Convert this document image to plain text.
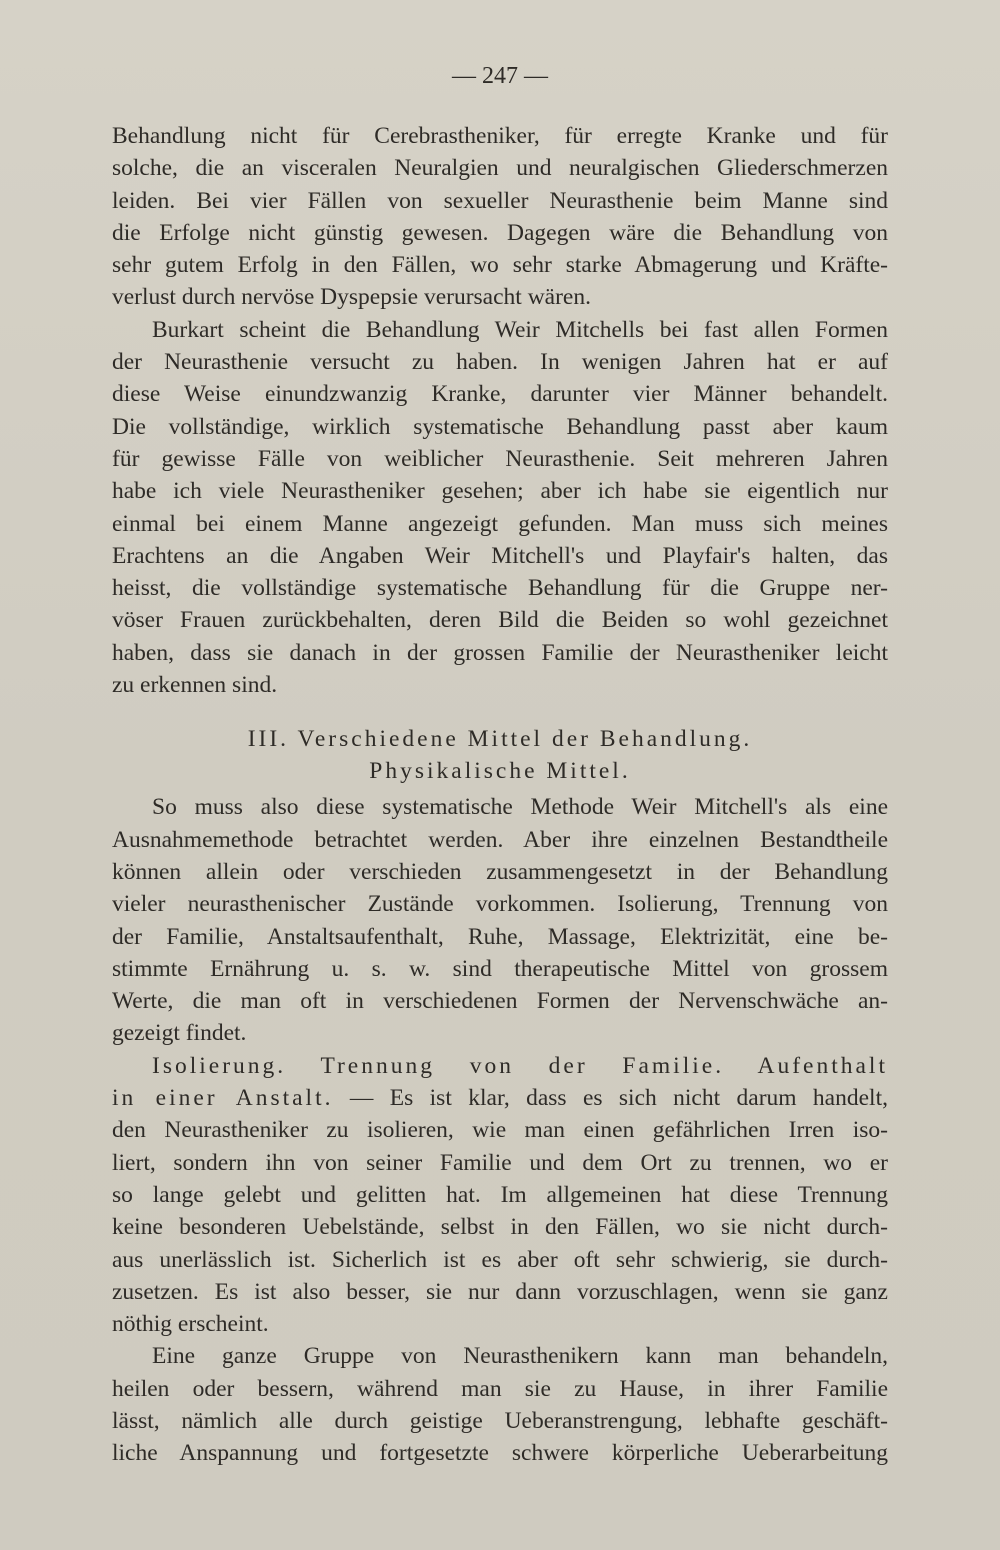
— 247 —

Behandlung nicht für Cerebrastheniker, für erregte Kranke und für
solche, die an visceralen Neuralgien und neuralgischen Gliederschmerzen
leiden. Bei vier Fällen von sexueller Neurasthenie beim Manne sind
die Erfolge nicht günstig gewesen. Dagegen wäre die Behandlung von
sehr gutem Erfolg in den Fällen, wo sehr starke Abmagerung und Kräfte-
verlust durch nervöse Dyspepsie verursacht wären.

Burkart scheint die Behandlung Weir Mitchells bei fast allen Formen
der Neurasthenie versucht zu haben. In wenigen Jahren hat er auf
diese Weise einundzwanzig Kranke, darunter vier Männer behandelt.
Die vollständige, wirklich systematische Behandlung passt aber kaum
für gewisse Fälle von weiblicher Neurasthenie. Seit mehreren Jahren
habe ich viele Neurastheniker gesehen; aber ich habe sie eigentlich nur
einmal bei einem Manne angezeigt gefunden. Man muss sich meines
Erachtens an die Angaben Weir Mitchell's und Playfair's halten, das
heisst, die vollständige systematische Behandlung für die Gruppe ner-
vöser Frauen zurückbehalten, deren Bild die Beiden so wohl gezeichnet
haben, dass sie danach in der grossen Familie der Neurastheniker leicht
zu erkennen sind.

III. Verschiedene Mittel der Behandlung.
Physikalische Mittel.

So muss also diese systematische Methode Weir Mitchell's als eine
Ausnahmemethode betrachtet werden. Aber ihre einzelnen Bestandtheile
können allein oder verschieden zusammengesetzt in der Behandlung
vieler neurasthenischer Zustände vorkommen. Isolierung, Trennung von
der Familie, Anstaltsaufenthalt, Ruhe, Massage, Elektrizität, eine be-
stimmte Ernährung u. s. w. sind therapeutische Mittel von grossem
Werte, die man oft in verschiedenen Formen der Nervenschwäche an-
gezeigt findet.

Isolierung. Trennung von der Familie. Aufenthalt
in einer Anstalt. — Es ist klar, dass es sich nicht darum handelt,
den Neurastheniker zu isolieren, wie man einen gefährlichen Irren iso-
liert, sondern ihn von seiner Familie und dem Ort zu trennen, wo er
so lange gelebt und gelitten hat. Im allgemeinen hat diese Trennung
keine besonderen Uebelstände, selbst in den Fällen, wo sie nicht durch-
aus unerlässlich ist. Sicherlich ist es aber oft sehr schwierig, sie durch-
zusetzen. Es ist also besser, sie nur dann vorzuschlagen, wenn sie ganz
nöthig erscheint.

Eine ganze Gruppe von Neurasthenikern kann man behandeln,
heilen oder bessern, während man sie zu Hause, in ihrer Familie
lässt, nämlich alle durch geistige Ueberanstrengung, lebhafte geschäft-
liche Anspannung und fortgesetzte schwere körperliche Ueberarbeitung
